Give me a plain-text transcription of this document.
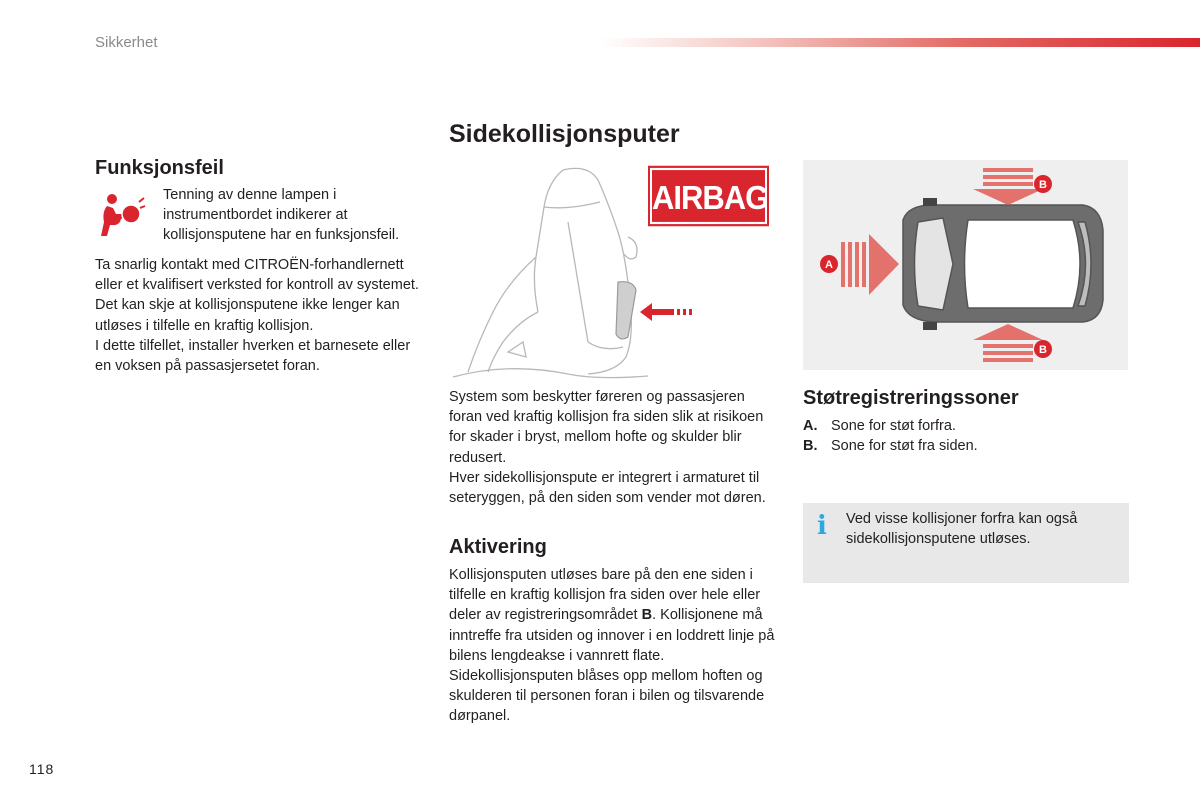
Sikkerhet
Funksjonsfeil
Tenning av denne lampen i instrumentbordet indikerer at kollisjonsputene har en funksjonsfeil.

Ta snarlig kontakt med CITROËN-forhandlernett eller et kvalifisert verksted for kontroll av systemet. Det kan skje at kollisjonsputene ikke lenger kan utløses i tilfelle en kraftig kollisjon.

I dette tilfellet, installer hverken et barnesete eller en voksen på passasjersetet foran.

Sidekollisjonsputer
AIRBAG

System som beskytter føreren og passasjeren foran ved kraftig kollisjon fra siden slik at risikoen for skader i bryst, mellom hofte og skulder blir redusert.

Hver sidekollisjonspute er integrert i armaturet til seteryggen, på den siden som vender mot døren.

Aktivering

Kollisjonsputen utløses bare på den ene siden i tilfelle en kraftig kollisjon fra siden over hele eller deler av registreringsområdet B. Kollisjonene må inntreffe fra utsiden og innover i en loddrett linje på bilens lengdeakse i vannrett flate.

Sidekollisjonsputen blåses opp mellom hoften og skulderen til personen foran i bilen og tilsvarende dørpanel.

B
B
A
Støtregistreringssoner
A. Sone for støt forfra.
B. Sone for støt fra siden.
i Ved visse kollisjoner forfra kan også sidekollisjonsputene utløses.
118
